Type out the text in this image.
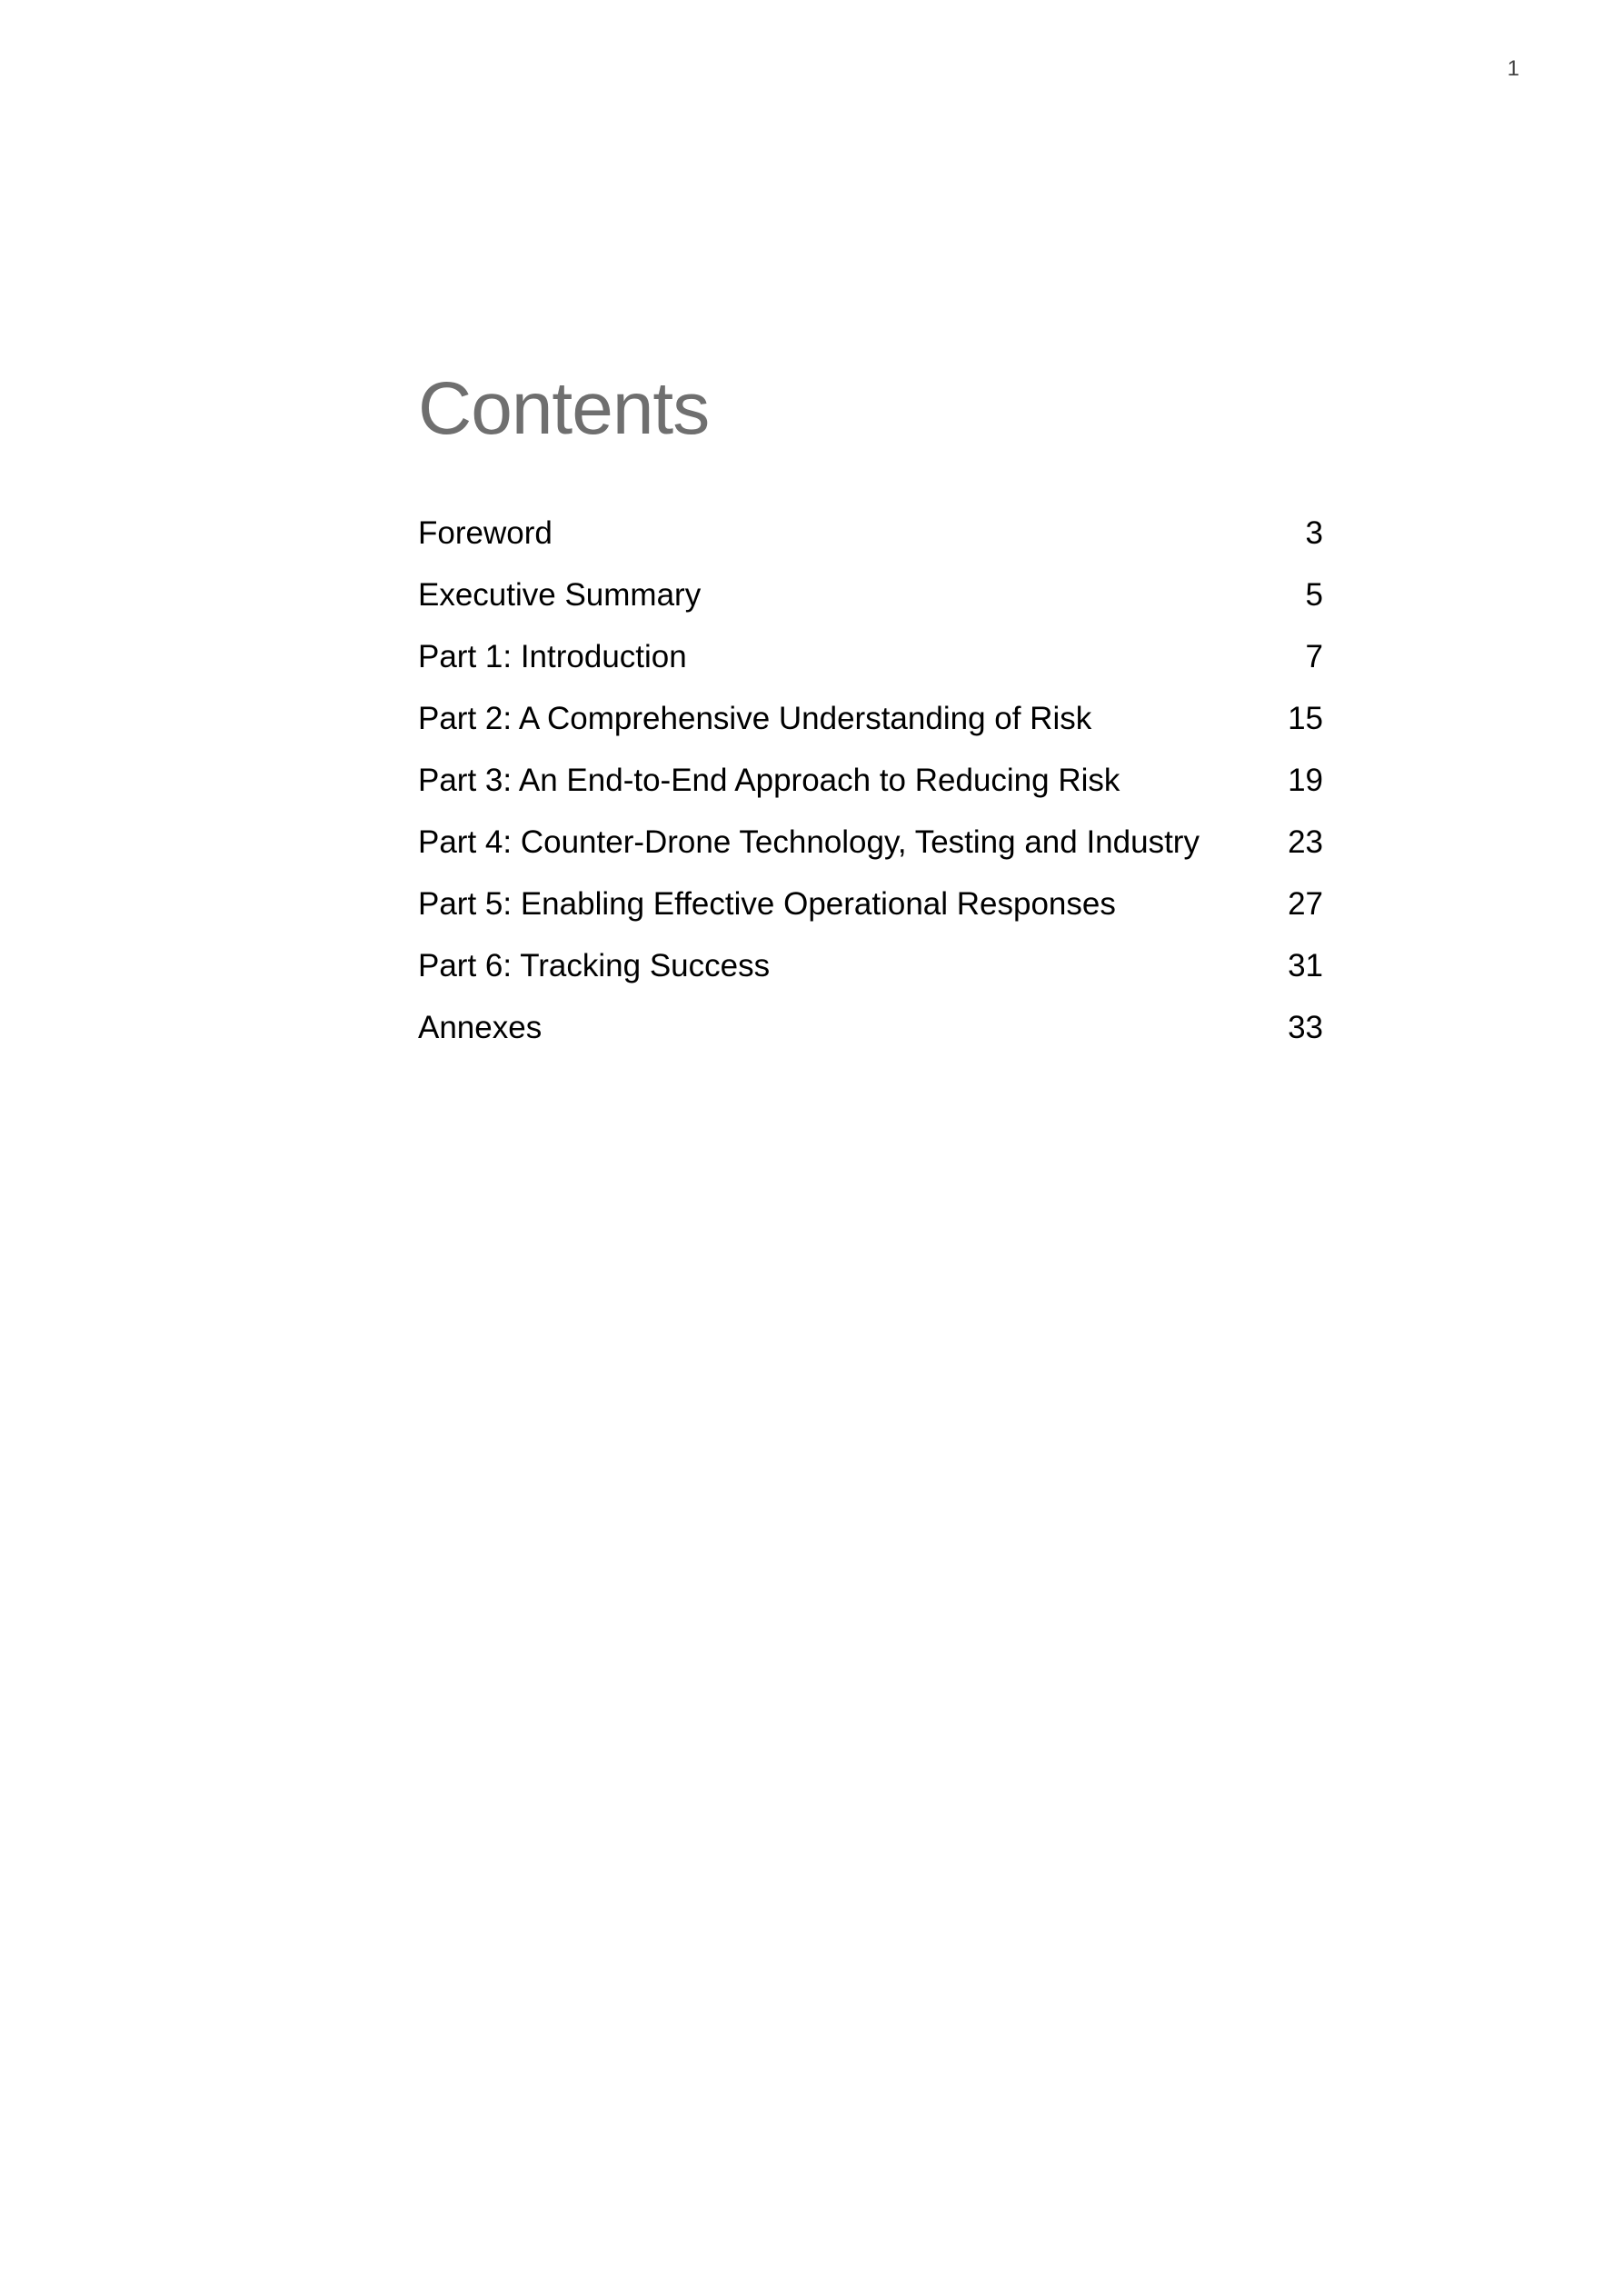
1
Contents
Foreword	3
Executive Summary	5
Part 1: Introduction	7
Part 2: A Comprehensive Understanding of Risk	15
Part 3: An End-to-End Approach to Reducing Risk	19
Part 4: Counter-Drone Technology, Testing and Industry	23
Part 5: Enabling Effective Operational Responses	27
Part 6: Tracking Success	31
Annexes	33
